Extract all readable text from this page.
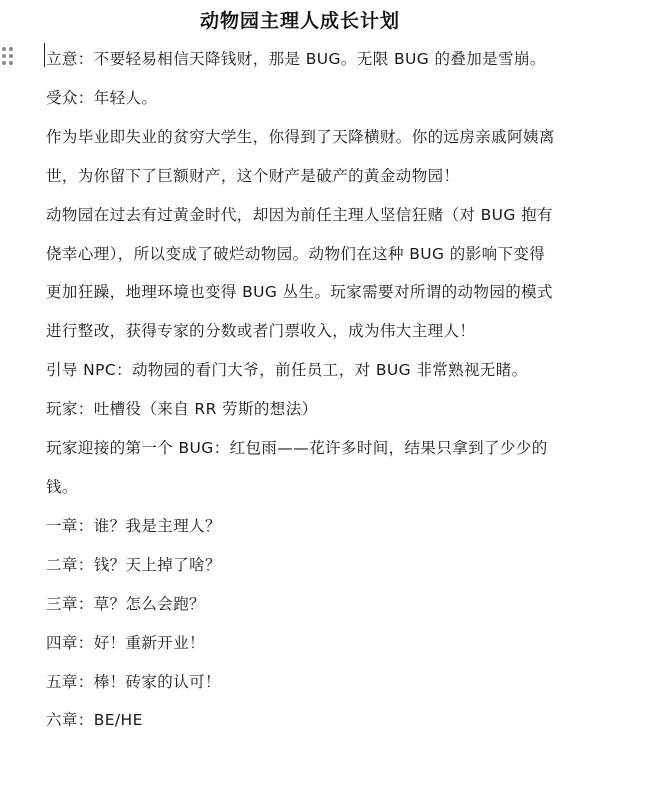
动物园主理人成长计划

立意：不要轻易相信天降钱财，那是 BUG。无限 BUG 的叠加是雪崩。

受众：年轻人。

作为毕业即失业的贫穷大学生，你得到了天降横财。你的远房亲戚阿姨离世，为你留下了巨额财产，这个财产是破产的黄金动物园！

动物园在过去有过黄金时代，却因为前任主理人坚信狂赌（对 BUG 抱有侥幸心理），所以变成了破烂动物园。动物们在这种 BUG 的影响下变得更加狂躁，地理环境也变得 BUG 丛生。玩家需要对所谓的动物园的模式进行整改，获得专家的分数或者门票收入，成为伟大主理人！

引导 NPC：动物园的看门大爷，前任员工，对 BUG 非常熟视无睹。

玩家：吐槽役（来自 RR 劳斯的想法）

玩家迎接的第一个 BUG：红包雨——花许多时间，结果只拿到了少少的钱。

一章：谁？我是主理人？

二章：钱？天上掉了啥？

三章：草？怎么会跑？

四章：好！重新开业！

五章：棒！砖家的认可！

六章：BE/HE
